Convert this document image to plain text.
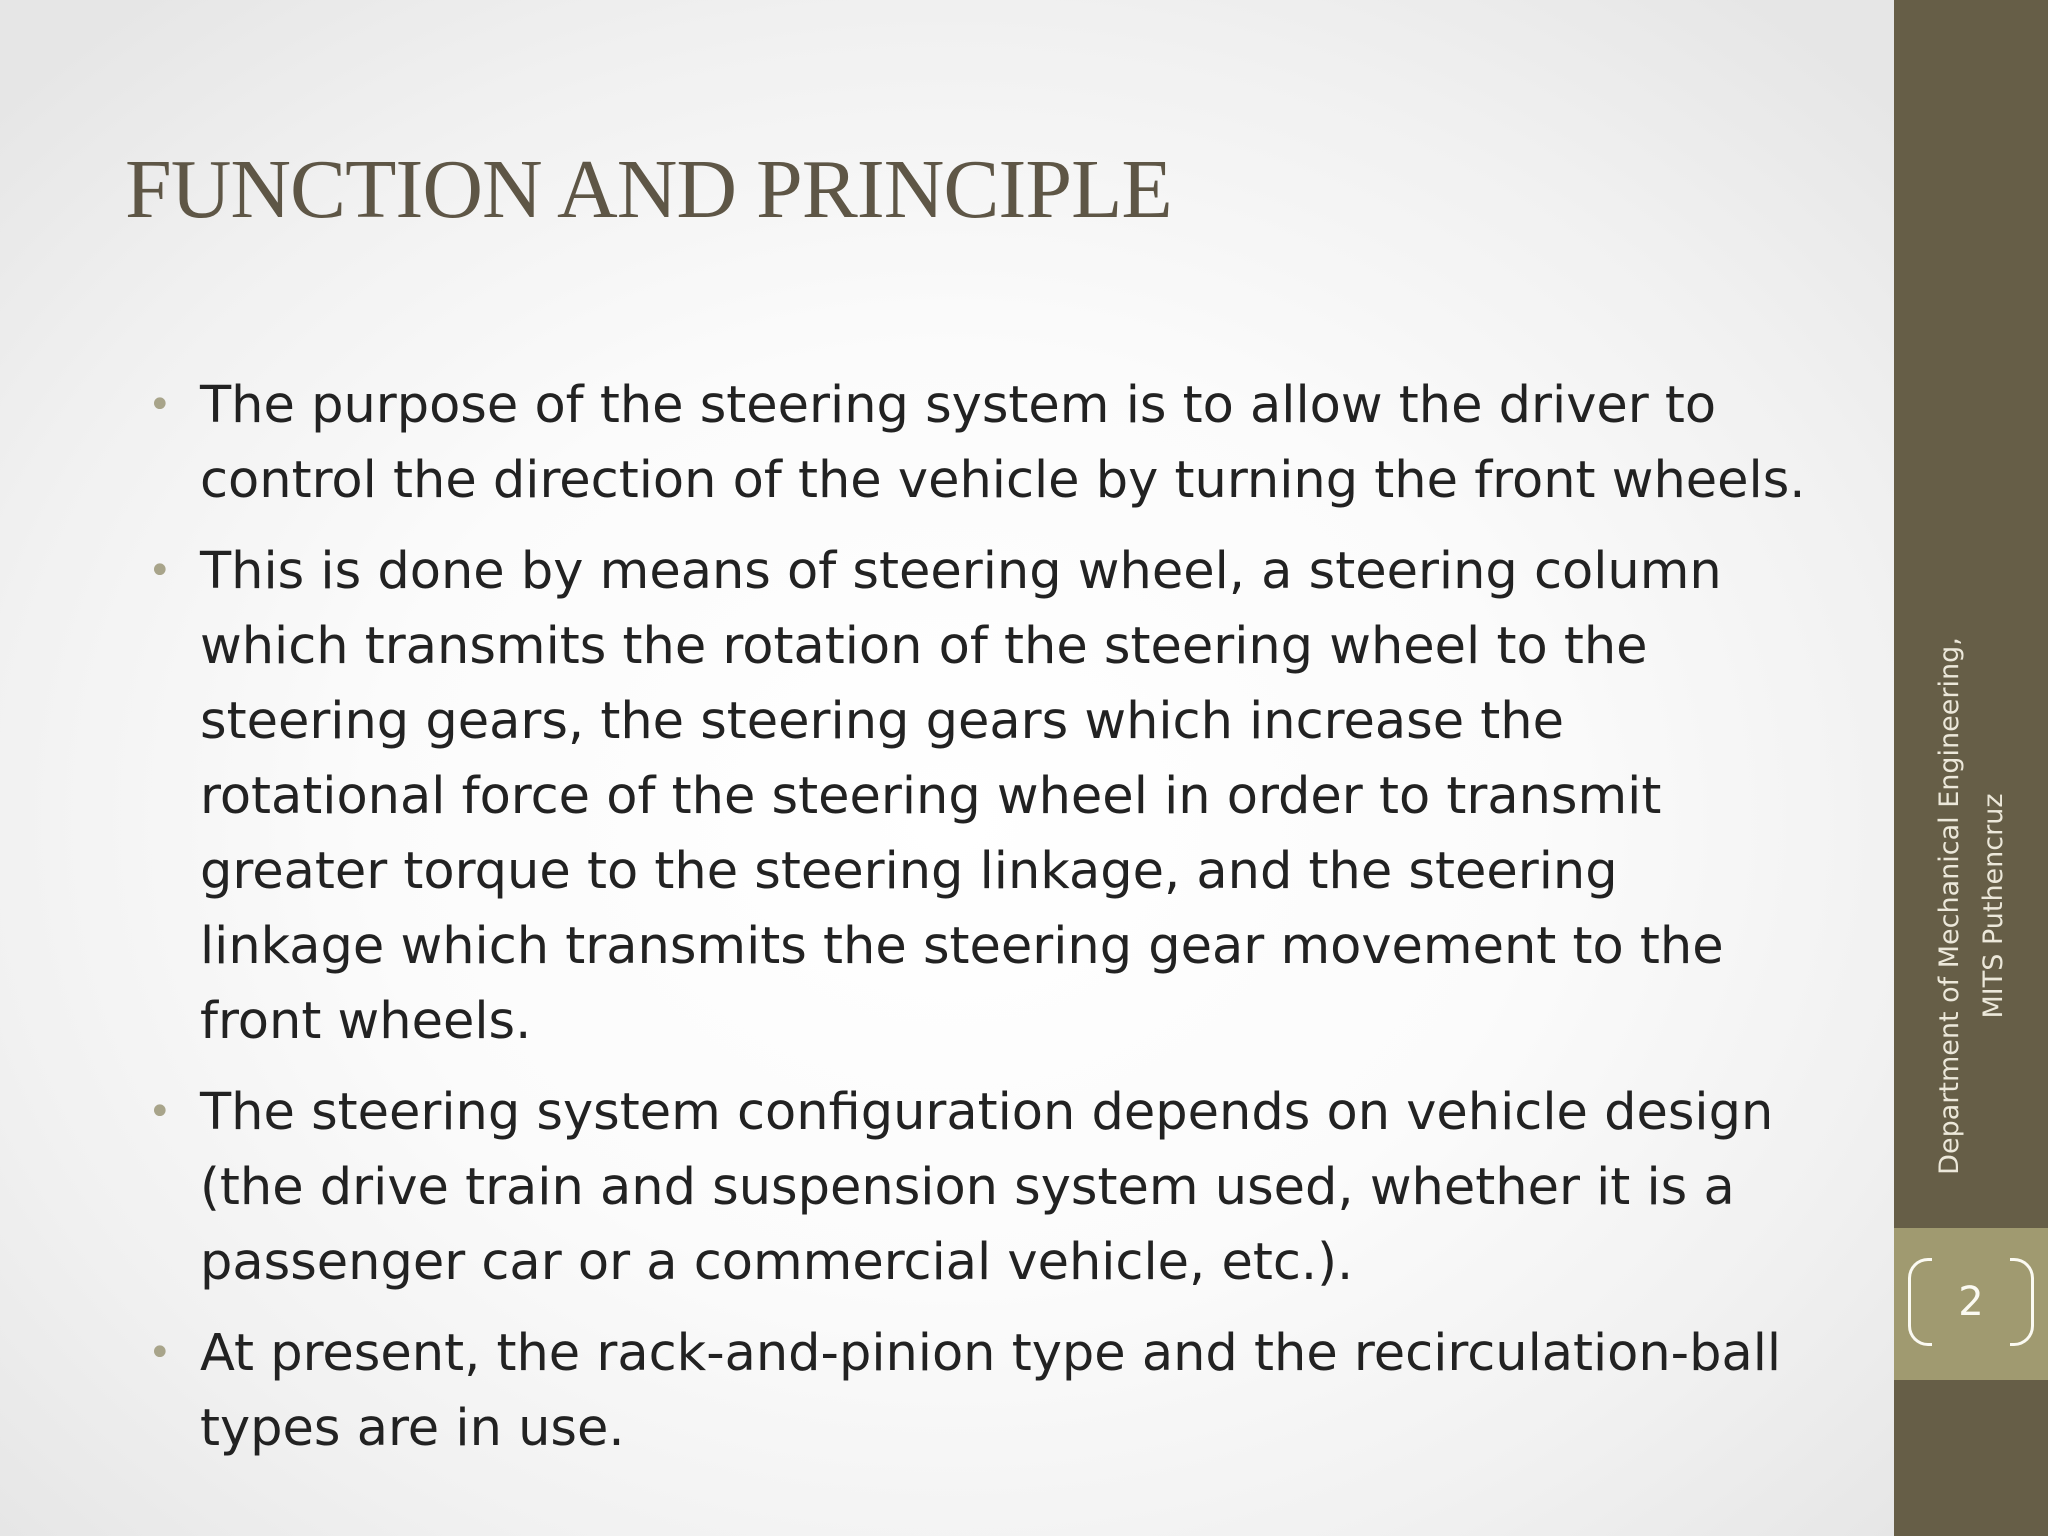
FUNCTION AND PRINCIPLE
• The purpose of the steering system is to allow the driver to control the direction of the vehicle by turning the front wheels.
• This is done by means of steering wheel, a steering column which transmits the rotation of the steering wheel to the steering gears, the steering gears which increase the rotational force of the steering wheel in order to transmit greater torque to the steering linkage, and the steering linkage which transmits the steering gear movement to the front wheels.
• The steering system configuration depends on vehicle design (the drive train and suspension system used, whether it is a passenger car or a commercial vehicle, etc.).
• At present, the rack-and-pinion type and the recirculation-ball types are in use.
Department of Mechanical Engineering, MITS Puthencruz
2
